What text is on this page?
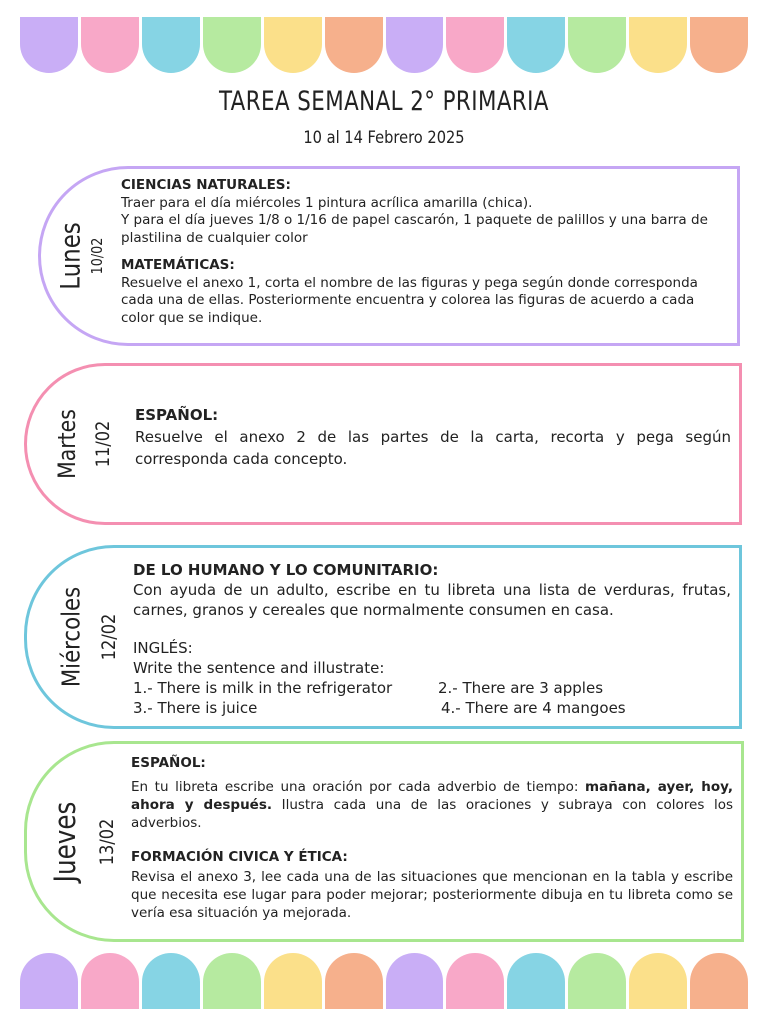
TAREA SEMANAL 2° PRIMARIA
10 al 14 Febrero 2025
Lunes 10/02

CIENCIAS NATURALES:

Traer para el día miércoles 1 pintura acrílica amarilla (chica).

Y para el día jueves 1/8 o 1/16 de papel cascarón, 1 paquete de palillos y una barra de plastilina de cualquier color

MATEMÁTICAS:

Resuelve el anexo 1, corta el nombre de las figuras y pega según donde corresponda cada una de ellas. Posteriormente encuentra y colorea las figuras de acuerdo a cada color que se indique.

Martes 11/02

ESPAÑOL:

Resuelve el anexo 2 de las partes de la carta, recorta y pega según corresponda cada concepto.

Miércoles 12/02

DE LO HUMANO Y LO COMUNITARIO:

Con ayuda de un adulto, escribe en tu libreta una lista de verduras, frutas, carnes, granos y cereales que normalmente consumen en casa.

INGLÉS:

Write the sentence and illustrate:

1.- There is milk in the refrigerator	2.- There are 3 apples
3.- There is juice	4.- There are 4 mangoes
Jueves 13/02

ESPAÑOL:

En tu libreta escribe una oración por cada adverbio de tiempo: mañana, ayer, hoy, ahora y después. Ilustra cada una de las oraciones y subraya con colores los adverbios.

FORMACIÓN CIVICA Y ÉTICA:

Revisa el anexo 3, lee cada una de las situaciones que mencionan en la tabla y escribe que necesita ese lugar para poder mejorar; posteriormente dibuja en tu libreta como se vería esa situación ya mejorada.
